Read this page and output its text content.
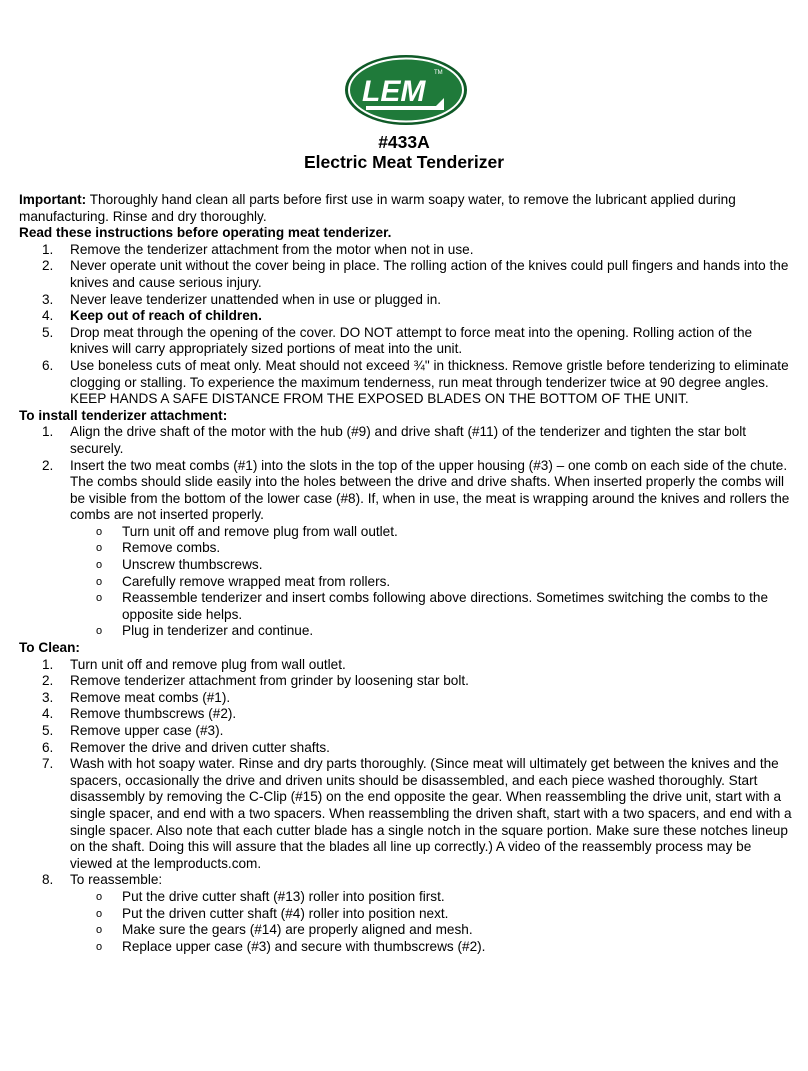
LEM
TM
#433A
Electric Meat Tenderizer

Important: Thoroughly hand clean all parts before first use in warm soapy water, to remove the lubricant applied during manufacturing. Rinse and dry thoroughly.

Read these instructions before operating meat tenderizer.

1.	Remove the tenderizer attachment from the motor when not in use.
2.	Never operate unit without the cover being in place. The rolling action of the knives could pull fingers and hands into the knives and cause serious injury.
3.	Never leave tenderizer unattended when in use or plugged in.
4.	Keep out of reach of children.
5.	Drop meat through the opening of the cover. DO NOT attempt to force meat into the opening. Rolling action of the knives will carry appropriately sized portions of meat into the unit.
6.	Use boneless cuts of meat only. Meat should not exceed ¾" in thickness. Remove gristle before tenderizing to eliminate clogging or stalling. To experience the maximum tenderness, run meat through tenderizer twice at 90 degree angles. KEEP HANDS A SAFE DISTANCE FROM THE EXPOSED BLADES ON THE BOTTOM OF THE UNIT.

To install tenderizer attachment:

1.	Align the drive shaft of the motor with the hub (#9) and drive shaft (#11) of the tenderizer and tighten the star bolt securely.
2.	Insert the two meat combs (#1) into the slots in the top of the upper housing (#3) – one comb on each side of the chute. The combs should slide easily into the holes between the drive and drive shafts. When inserted properly the combs will be visible from the bottom of the lower case (#8). If, when in use, the meat is wrapping around the knives and rollers the combs are not inserted properly.
o Turn unit off and remove plug from wall outlet.
o Remove combs.
o Unscrew thumbscrews.
o Carefully remove wrapped meat from rollers.
o Reassemble tenderizer and insert combs following above directions. Sometimes switching the combs to the opposite side helps.
o Plug in tenderizer and continue.

To Clean:

1.	Turn unit off and remove plug from wall outlet.
2.	Remove tenderizer attachment from grinder by loosening star bolt.
3.	Remove meat combs (#1).
4.	Remove thumbscrews (#2).
5.	Remove upper case (#3).
6.	Remover the drive and driven cutter shafts.
7.	Wash with hot soapy water. Rinse and dry parts thoroughly. (Since meat will ultimately get between the knives and the spacers, occasionally the drive and driven units should be disassembled, and each piece washed thoroughly. Start disassembly by removing the C-Clip (#15) on the end opposite the gear. When reassembling the drive unit, start with a single spacer, and end with a two spacers. When reassembling the driven shaft, start with a two spacers, and end with a single spacer. Also note that each cutter blade has a single notch in the square portion. Make sure these notches lineup on the shaft. Doing this will assure that the blades all line up correctly.) A video of the reassembly process may be viewed at the lemproducts.com.
8.	To reassemble:
o Put the drive cutter shaft (#13) roller into position first.
o Put the driven cutter shaft (#4) roller into position next.
o Make sure the gears (#14) are properly aligned and mesh.
o Replace upper case (#3) and secure with thumbscrews (#2).
